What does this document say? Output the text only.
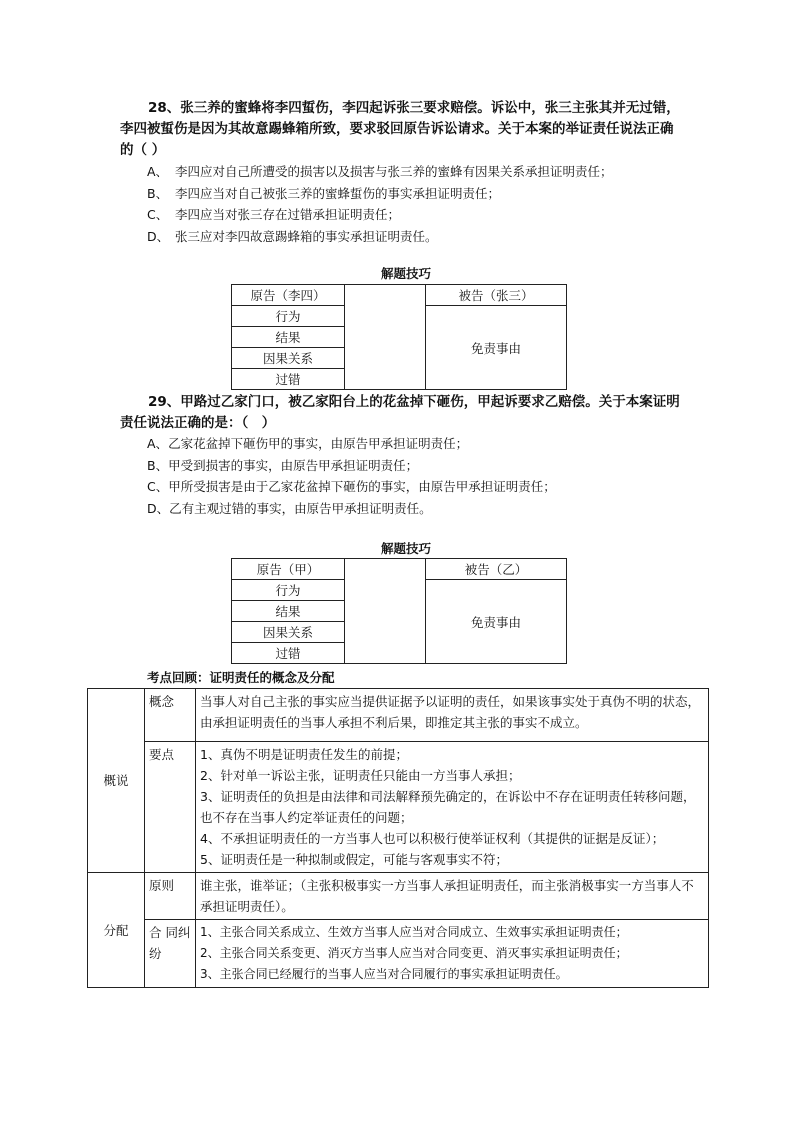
28、张三养的蜜蜂将李四蜇伤，李四起诉张三要求赔偿。诉讼中，张三主张其并无过错，李四被蜇伤是因为其故意踢蜂箱所致，要求驳回原告诉讼请求。关于本案的举证责任说法正确的（ ）
A、 李四应对自己所遭受的损害以及损害与张三养的蜜蜂有因果关系承担证明责任；
B、 李四应当对自己被张三养的蜜蜂蜇伤的事实承担证明责任；
C、 李四应当对张三存在过错承担证明责任；
D、 张三应对李四故意踢蜂箱的事实承担证明责任。
解题技巧
原告（李四）		被告（张三）
行为		免责事由
结果		
因果关系		
过错		
29、甲路过乙家门口，被乙家阳台上的花盆掉下砸伤，甲起诉要求乙赔偿。关于本案证明责任说法正确的是：（　）
A、乙家花盆掉下砸伤甲的事实，由原告甲承担证明责任；
B、甲受到损害的事实，由原告甲承担证明责任；
C、甲所受损害是由于乙家花盆掉下砸伤的事实，由原告甲承担证明责任；
D、乙有主观过错的事实，由原告甲承担证明责任。
解题技巧
原告（甲）		被告（乙）
行为		免责事由
结果		
因果关系		
过错		
考点回顾：证明责任的概念及分配
概说	概念	当事人对自己主张的事实应当提供证据予以证明的责任，如果该事实处于真伪不明的状态，由承担证明责任的当事人承担不利后果，即推定其主张的事实不成立。
	要点	1、真伪不明是证明责任发生的前提；
2、针对单一诉讼主张，证明责任只能由一方当事人承担；
3、证明责任的负担是由法律和司法解释预先确定的，在诉讼中不存在证明责任转移问题，也不存在当事人约定举证责任的问题；
4、不承担证明责任的一方当事人也可以积极行使举证权利（其提供的证据是反证）；
5、证明责任是一种拟制或假定，可能与客观事实不符；

分配	原则	谁主张，谁举证；（主张积极事实一方当事人承担证明责任，而主张消极事实一方当事人不承担证明责任）。
	合 同纠纷	1、主张合同关系成立、生效方当事人应当对合同成立、生效事实承担证明责任；
2、主张合同关系变更、消灭方当事人应当对合同变更、消灭事实承担证明责任；
3、主张合同已经履行的当事人应当对合同履行的事实承担证明责任。
